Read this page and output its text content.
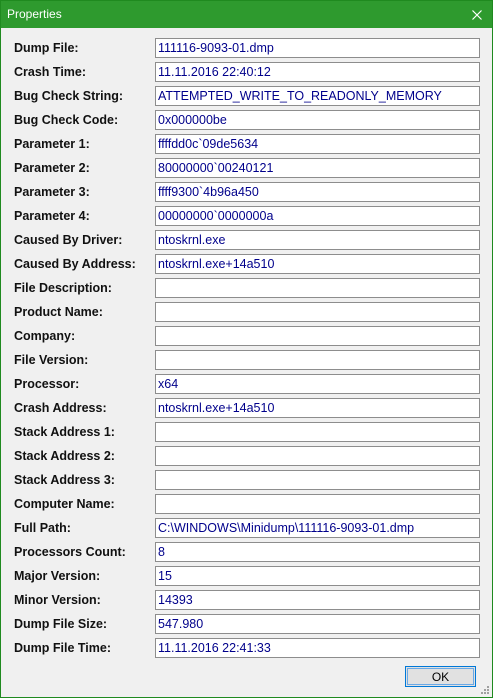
Properties
Dump File:	111116-9093-01.dmp
Crash Time:	11.11.2016 22:40:12
Bug Check String:	ATTEMPTED_WRITE_TO_READONLY_MEMORY
Bug Check Code:	0x000000be
Parameter 1:	ffffdd0c`09de5634
Parameter 2:	80000000`00240121
Parameter 3:	ffff9300`4b96a450
Parameter 4:	00000000`0000000a
Caused By Driver:	ntoskrnl.exe
Caused By Address: ntoskrnl.exe+14a510
File Description:
Product Name:
Company:
File Version:
Processor:	x64
Crash Address:	ntoskrnl.exe+14a510
Stack Address 1:
Stack Address 2:
Stack Address 3:
Computer Name:
Full Path:	C:\WINDOWS\Minidump\111116-9093-01.dmp
Processors Count:	8
Major Version:	15
Minor Version:	14393
Dump File Size:	547.980
Dump File Time:	11.11.2016 22:41:33
OK
